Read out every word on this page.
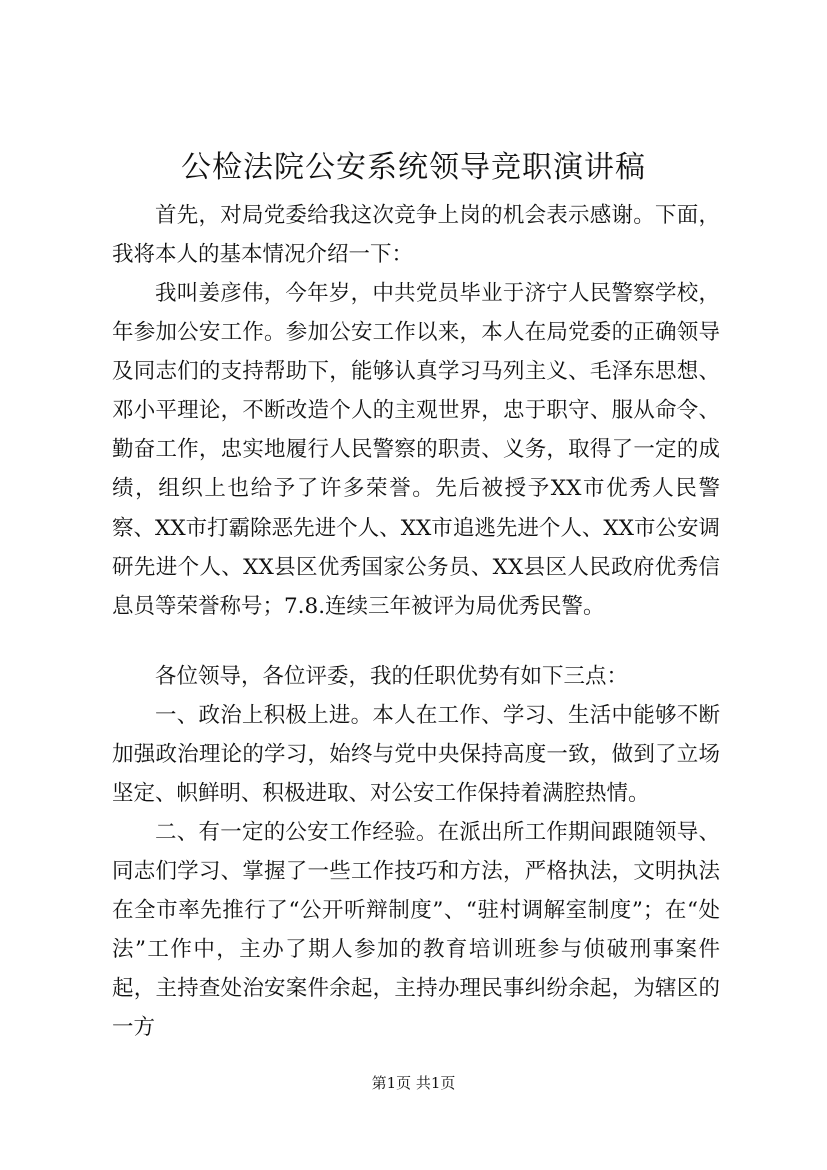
公检法院公安系统领导竞职演讲稿

首先，对局党委给我这次竞争上岗的机会表示感谢。下面，我将本人的基本情况介绍一下：

我叫姜彦伟，今年岁，中共党员毕业于济宁人民警察学校，年参加公安工作。参加公安工作以来，本人在局党委的正确领导及同志们的支持帮助下，能够认真学习马列主义、毛泽东思想、邓小平理论，不断改造个人的主观世界，忠于职守、服从命令、勤奋工作，忠实地履行人民警察的职责、义务，取得了一定的成绩，组织上也给予了许多荣誉。先后被授予XX市优秀人民警察、XX市打霸除恶先进个人、XX市追逃先进个人、XX市公安调研先进个人、XX县区优秀国家公务员、XX县区人民政府优秀信息员等荣誉称号；7.8.连续三年被评为局优秀民警。

各位领导，各位评委，我的任职优势有如下三点：

一、政治上积极上进。本人在工作、学习、生活中能够不断加强政治理论的学习，始终与党中央保持高度一致，做到了立场坚定、帜鲜明、积极进取、对公安工作保持着满腔热情。

二、有一定的公安工作经验。在派出所工作期间跟随领导、同志们学习、掌握了一些工作技巧和方法，严格执法，文明执法在全市率先推行了“公开听辩制度”、“驻村调解室制度”；在“处法”工作中，主办了期人参加的教育培训班参与侦破刑事案件起，主持查处治安案件余起，主持办理民事纠纷余起，为辖区的一方

第1页 共1页
